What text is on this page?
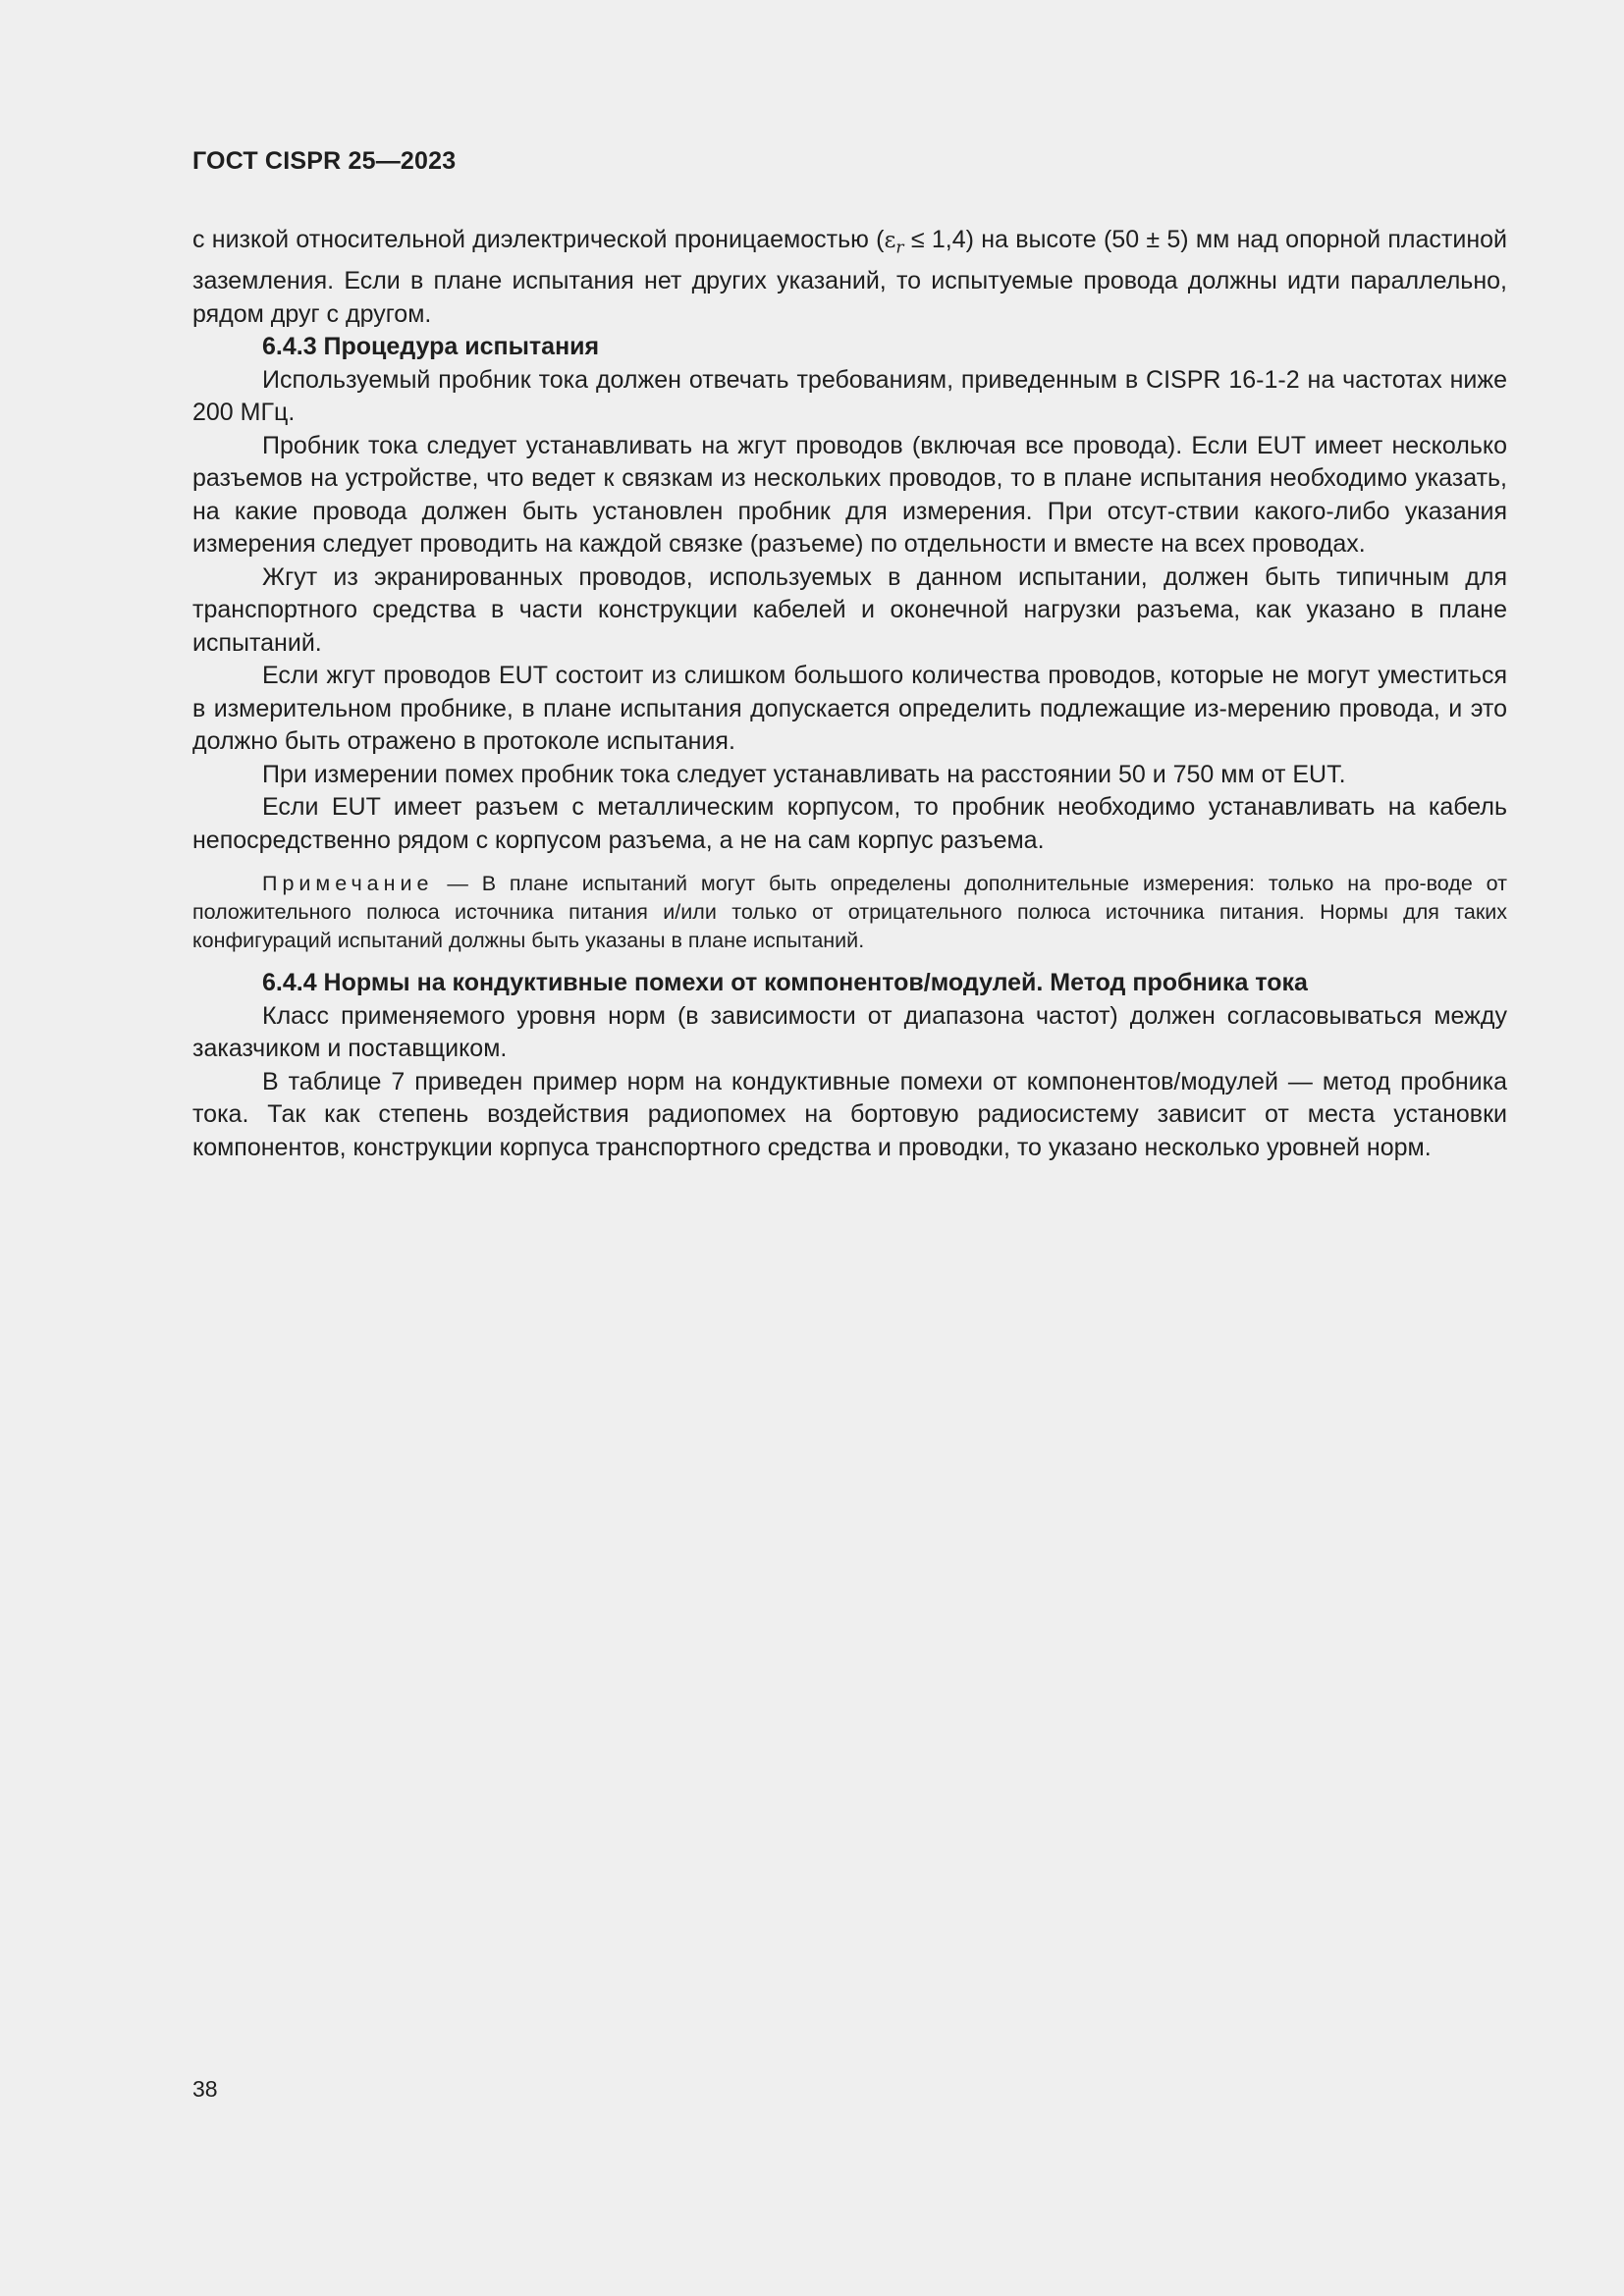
ГОСТ CISPR 25—2023

с низкой относительной диэлектрической проницаемостью $(\varepsilon_r \le 1,4)$ на высоте (50 ± 5) мм над опорной пластиной заземления. Если в плане испытания нет других указаний, то испытуемые провода должны идти параллельно, рядом друг с другом.

6.4.3 Процедура испытания

Используемый пробник тока должен отвечать требованиям, приведенным в CISPR 16-1-2 на частотах ниже 200 МГц.

Пробник тока следует устанавливать на жгут проводов (включая все провода). Если EUT имеет несколько разъемов на устройстве, что ведет к связкам из нескольких проводов, то в плане испытания необходимо указать, на какие провода должен быть установлен пробник для измерения. При отсут-ствии какого-либо указания измерения следует проводить на каждой связке (разъеме) по отдельности и вместе на всех проводах.

Жгут из экранированных проводов, используемых в данном испытании, должен быть типичным для транспортного средства в части конструкции кабелей и оконечной нагрузки разъема, как указано в плане испытаний.

Если жгут проводов EUT состоит из слишком большого количества проводов, которые не могут уместиться в измерительном пробнике, в плане испытания допускается определить подлежащие из-мерению провода, и это должно быть отражено в протоколе испытания.

При измерении помех пробник тока следует устанавливать на расстоянии 50 и 750 мм от EUT.

Если EUT имеет разъем с металлическим корпусом, то пробник необходимо устанавливать на кабель непосредственно рядом с корпусом разъема, а не на сам корпус разъема.

Примечание — В плане испытаний могут быть определены дополнительные измерения: только на про-воде от положительного полюса источника питания и/или только от отрицательного полюса источника питания. Нормы для таких конфигураций испытаний должны быть указаны в плане испытаний.

6.4.4 Нормы на кондуктивные помехи от компонентов/модулей. Метод пробника тока

Класс применяемого уровня норм (в зависимости от диапазона частот) должен согласовываться между заказчиком и поставщиком.

В таблице 7 приведен пример норм на кондуктивные помехи от компонентов/модулей — метод пробника тока. Так как степень воздействия радиопомех на бортовую радиосистему зависит от места установки компонентов, конструкции корпуса транспортного средства и проводки, то указано несколько уровней норм.

38
